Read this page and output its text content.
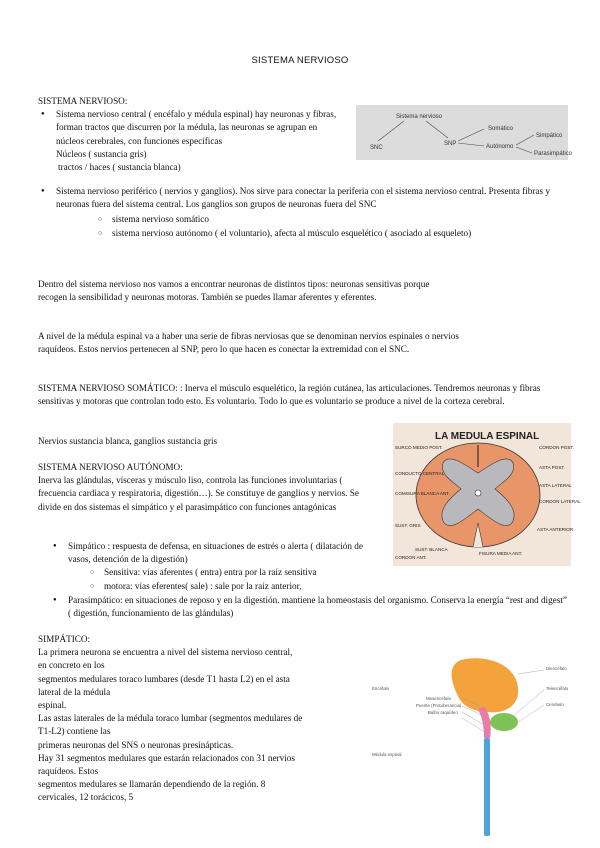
SISTEMA NERVIOSO
SISTEMA NERVIOSO:
● Sistema nervioso central ( encéfalo y médula espinal) hay neuronas y fibras, forman tractos que discurren por la médula, las neuronas se agrupan en núcleos cerebrales, con funciones específicas
Núcleos ( sustancia gris)
tractos / haces ( sustancia blanca)
● Sistema nervioso periférico ( nervios y ganglios). Nos sirve para conectar la periferia con el sistema nervioso central. Presenta fibras y neuronas fuera del sistema central. Los ganglios son grupos de neuronas fuera del SNC
○ sistema nervioso somático
○ sistema nervioso autónomo ( el voluntario), afecta al músculo esquelético ( asociado al esqueleto)
Sistema nervioso
SNC
SNP
Somático
Autónomo
Simpático
Parasimpático

Dentro del sistema nervioso nos vamos a encontrar neuronas de distintos tipos: neuronas sensitivas porque recogen la sensibilidad y neuronas motoras. También se puedes llamar aferentes y eferentes.

A nivel de la médula espinal va a haber una serie de fibras nerviosas que se denominan nervios espinales o nervios raquídeos. Estos nervios pertenecen al SNP, pero lo que hacen es conectar la extremidad con el SNC.

SISTEMA NERVIOSO SOMÁTICO: : Inerva el músculo esquelético, la región cutánea, las articulaciones. Tendremos neuronas y fibras sensitivas y motoras que controlan todo esto. Es voluntario. Todo lo que es voluntario se produce a nivel de la corteza cerebral.

Nervios sustancia blanca, ganglios sustancia gris

SISTEMA NERVIOSO AUTÓNOMO:

Inerva las glándulas, vísceras y músculo liso, controla las funciones involuntarias ( frecuencia cardiaca y respiratoria, digestión…). Se constituye de ganglios y nervios. Se divide en dos sistemas el simpático y el parasimpático con funciones antagónicas

● Simpático : respuesta de defensa, en situaciones de estrés o alerta ( dilatación de vasos, detención de la digestión)
○ Sensitiva: vías aferentes ( entra) entra por la raíz sensitiva
○ motora: vías eferentes( sale) : sale por la raíz anterior,
● Parasimpático: en situaciones de reposo y en la digestión. mantiene la homeostasis del organismo. Conserva la energía “rest and digest” ( digestión, funcionamiento de las glándulas)
SIMPÁTICO:
La primera neurona se encuentra a nivel del sistema nervioso central,
en concreto en los
segmentos medulares toraco lumbares (desde T1 hasta L2) en el asta
lateral de la médula
espinal.
Las astas laterales de la médula toraco lumbar (segmentos medulares de
T1-L2) contiene las
primeras neuronas del SNS o neuronas presinápticas.
Hay 31 segmentos medulares que estarán relacionados con 31 nervios
raquídeos. Estos
segmentos medulares se llamarán dependiendo de la región. 8
cervicales, 12 torácicos, 5
LA MEDULA ESPINAL
SURCO MEDIO POST.	CORDON POST.
ASTA POST.
CONDUCTO CENTRAL
ASTA LATERAL
CORDON LATERAL
COMISURA BLANCA ANT.
SUST. GRIS
SUST. BLANCA
FISURA MEDIA ANT.
ASTA ANTERIOR
CORDON ANT.
Encéfalo
Médula espinal
Diencéfalo
Mesencéfalo
Puente (Protuberancia)
Bulbo raquídeo
Telencéfalo
Cerebelo
